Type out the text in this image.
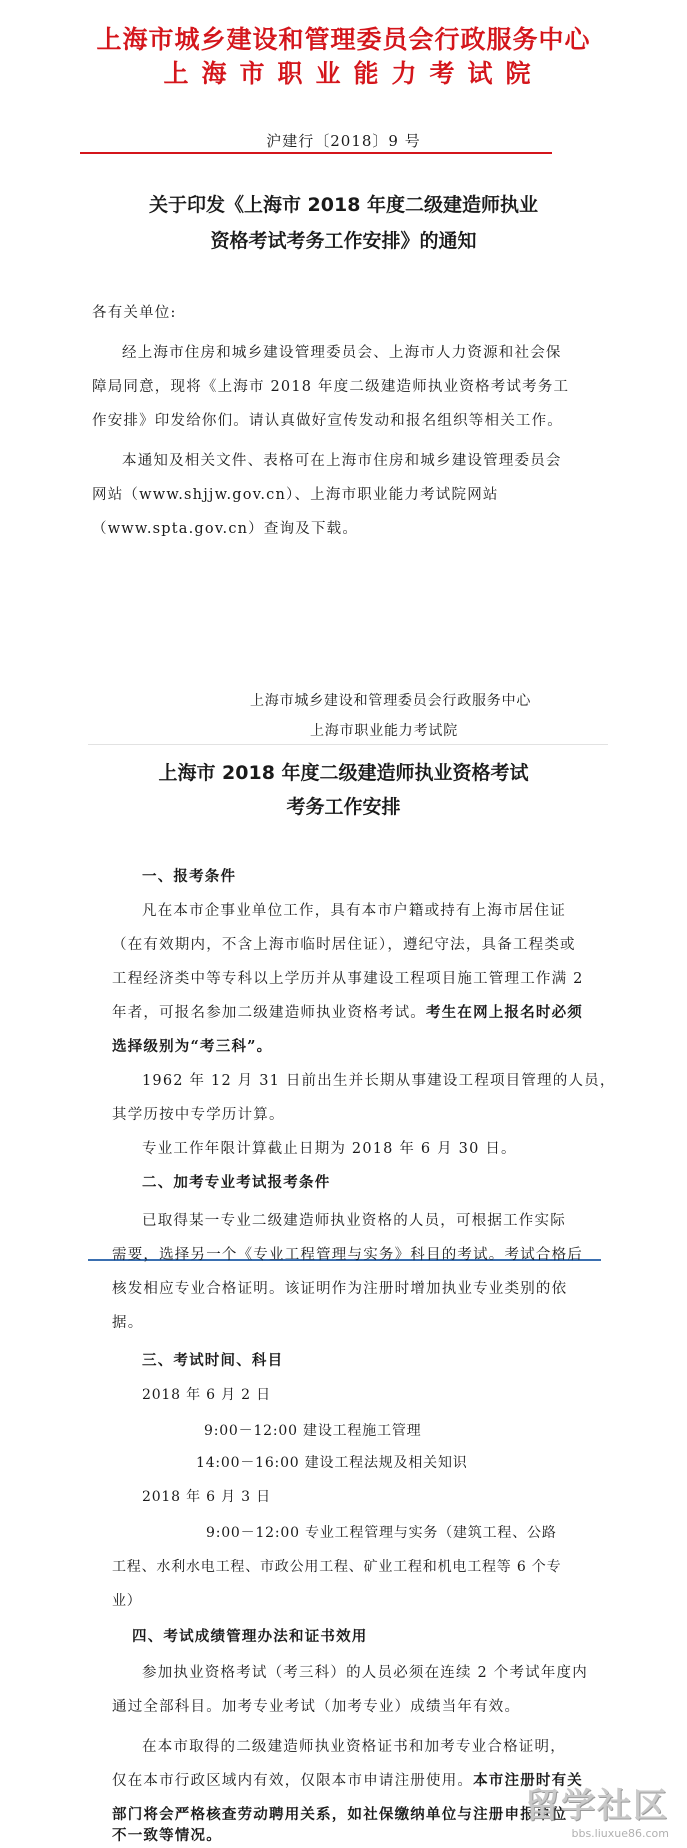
上海市城乡建设和管理委员会行政服务中心
上海市职业能力考试院
沪建行〔2018〕9 号
关于印发《上海市 2018 年度二级建造师执业
资格考试考务工作安排》的通知
各有关单位:
经上海市住房和城乡建设管理委员会、上海市人力资源和社会保
障局同意，现将《上海市 2018 年度二级建造师执业资格考试考务工
作安排》印发给你们。请认真做好宣传发动和报名组织等相关工作。
本通知及相关文件、表格可在上海市住房和城乡建设管理委员会
网站（www.shjjw.gov.cn）、上海市职业能力考试院网站
（www.spta.gov.cn）查询及下载。
上海市城乡建设和管理委员会行政服务中心
上海市职业能力考试院
上海市 2018 年度二级建造师执业资格考试
考务工作安排
一、报考条件
凡在本市企事业单位工作，具有本市户籍或持有上海市居住证
（在有效期内，不含上海市临时居住证），遵纪守法，具备工程类或
工程经济类中等专科以上学历并从事建设工程项目施工管理工作满 2
年者，可报名参加二级建造师执业资格考试。考生在网上报名时必须
选择级别为“考三科”。
1962 年 12 月 31 日前出生并长期从事建设工程项目管理的人员，
其学历按中专学历计算。
专业工作年限计算截止日期为 2018 年 6 月 30 日。
二、加考专业考试报考条件
已取得某一专业二级建造师执业资格的人员，可根据工作实际
需要，选择另一个《专业工程管理与实务》科目的考试。考试合格后
核发相应专业合格证明。该证明作为注册时增加执业专业类别的依
据。
三、考试时间、科目
2018 年 6 月 2 日
9:00－12:00 建设工程施工管理
14:00－16:00 建设工程法规及相关知识
2018 年 6 月 3 日
9:00－12:00 专业工程管理与实务（建筑工程、公路
工程、水利水电工程、市政公用工程、矿业工程和机电工程等 6 个专
业）
四、考试成绩管理办法和证书效用
参加执业资格考试（考三科）的人员必须在连续 2 个考试年度内
通过全部科目。加考专业考试（加考专业）成绩当年有效。
在本市取得的二级建造师执业资格证书和加考专业合格证明，
仅在本市行政区域内有效，仅限本市申请注册使用。本市注册时有关
部门将会严格核查劳动聘用关系，如社保缴纳单位与注册申报单位
不一致等情况。
留学社区
bbs.liuxue86.com
